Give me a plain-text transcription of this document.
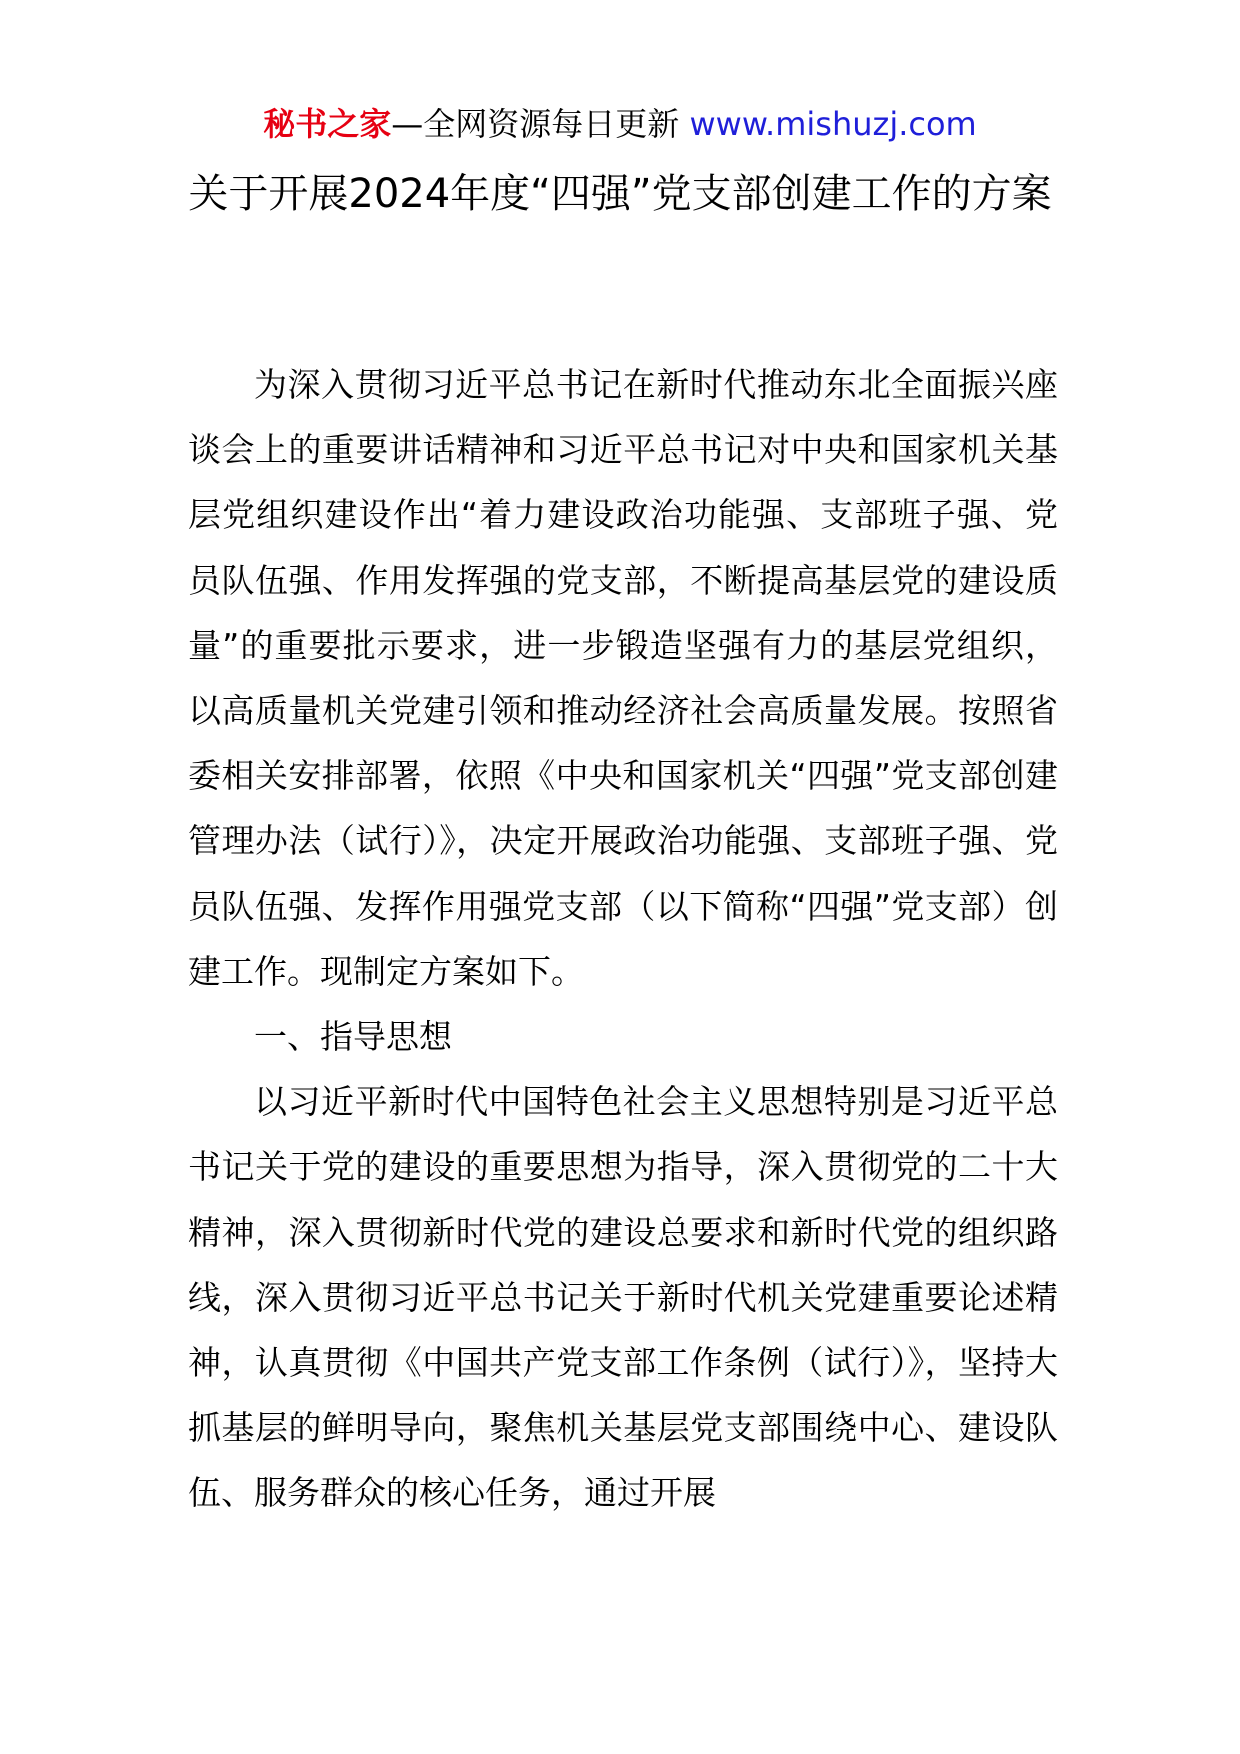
秘书之家—全网资源每日更新 www.mishuzj.com
关于开展2024年度“四强”党支部创建工作的方案

为深入贯彻习近平总书记在新时代推动东北全面振兴座谈会上的重要讲话精神和习近平总书记对中央和国家机关基层党组织建设作出“着力建设政治功能强、支部班子强、党员队伍强、作用发挥强的党支部，不断提高基层党的建设质量”的重要批示要求，进一步锻造坚强有力的基层党组织，以高质量机关党建引领和推动经济社会高质量发展。按照省委相关安排部署，依照《中央和国家机关“四强”党支部创建管理办法（试行）》，决定开展政治功能强、支部班子强、党员队伍强、发挥作用强党支部（以下简称“四强”党支部）创建工作。现制定方案如下。

一、指导思想

以习近平新时代中国特色社会主义思想特别是习近平总书记关于党的建设的重要思想为指导，深入贯彻党的二十大精神，深入贯彻新时代党的建设总要求和新时代党的组织路线，深入贯彻习近平总书记关于新时代机关党建重要论述精神，认真贯彻《中国共产党支部工作条例（试行）》，坚持大抓基层的鲜明导向，聚焦机关基层党支部围绕中心、建设队伍、服务群众的核心任务，通过开展
